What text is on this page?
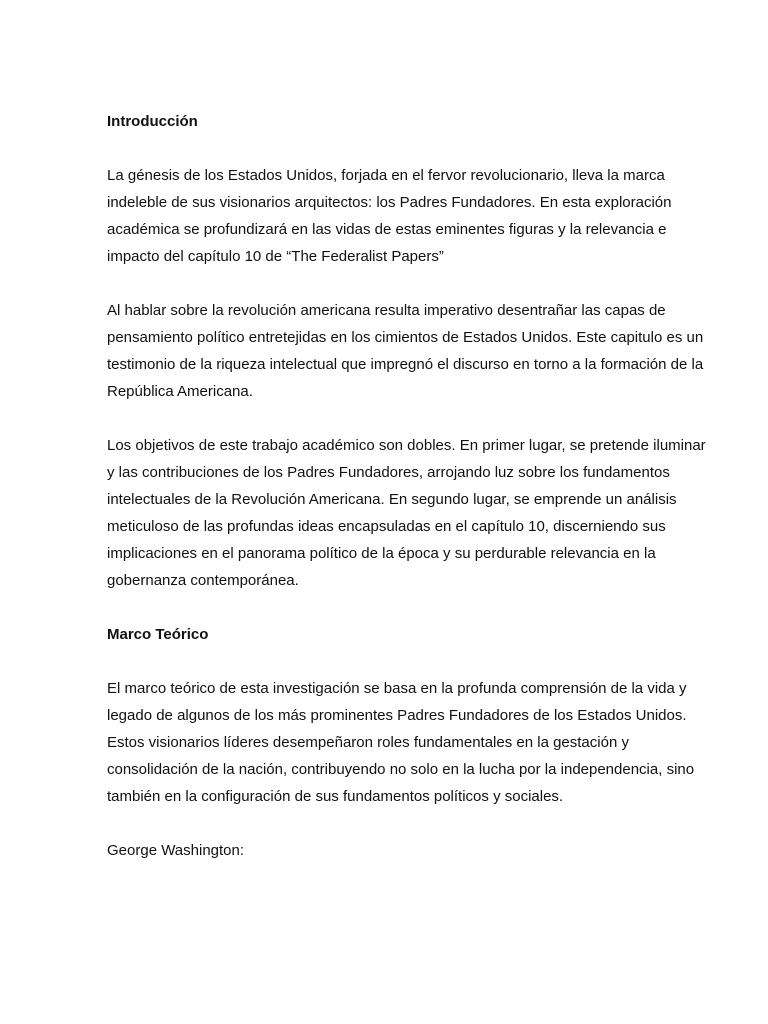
Introducción

La génesis de los Estados Unidos, forjada en el fervor revolucionario, lleva la marca indeleble de sus visionarios arquitectos: los Padres Fundadores. En esta exploración académica se profundizará en las vidas de estas eminentes figuras y la relevancia e impacto del capítulo 10 de “The Federalist Papers”

Al hablar sobre la revolución americana resulta imperativo desentrañar las capas de pensamiento político entretejidas en los cimientos de Estados Unidos. Este capitulo es un testimonio de la riqueza intelectual que impregnó el discurso en torno a la formación de la República Americana.

Los objetivos de este trabajo académico son dobles. En primer lugar, se pretende iluminar y las contribuciones de los Padres Fundadores, arrojando luz sobre los fundamentos intelectuales de la Revolución Americana. En segundo lugar, se emprende un análisis meticuloso de las profundas ideas encapsuladas en el capítulo 10, discerniendo sus implicaciones en el panorama político de la época y su perdurable relevancia en la gobernanza contemporánea.

Marco Teórico

El marco teórico de esta investigación se basa en la profunda comprensión de la vida y legado de algunos de los más prominentes Padres Fundadores de los Estados Unidos. Estos visionarios líderes desempeñaron roles fundamentales en la gestación y consolidación de la nación, contribuyendo no solo en la lucha por la independencia, sino también en la configuración de sus fundamentos políticos y sociales.

George Washington:
